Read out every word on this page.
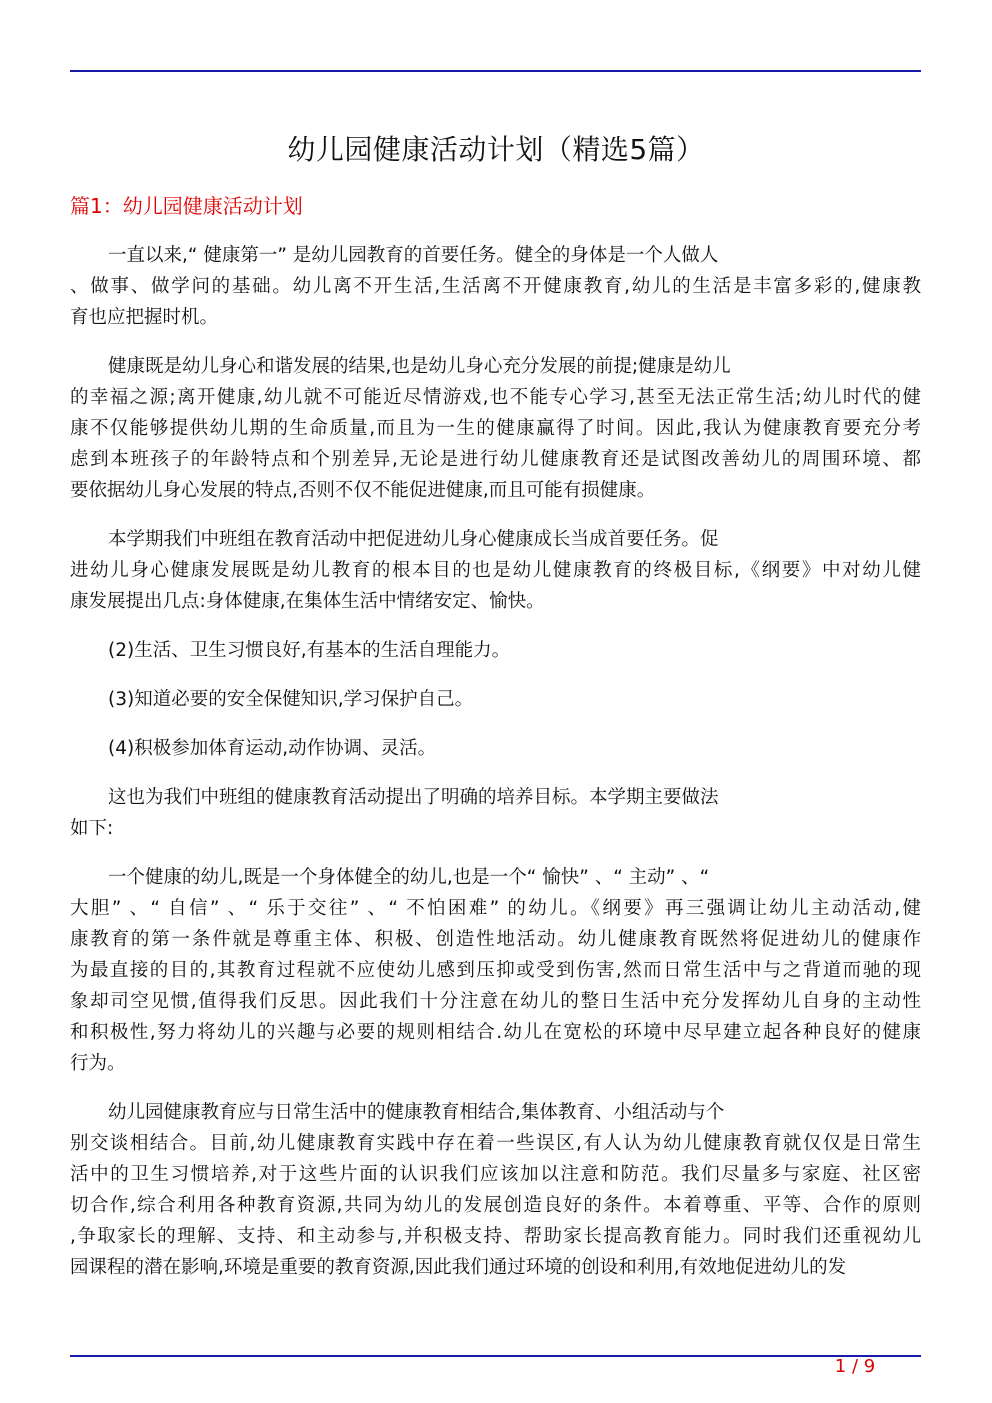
幼儿园健康活动计划（精选5篇）
篇1：幼儿园健康活动计划
一直以来,“ 健康第一” 是幼儿园教育的首要任务。健全的身体是一个人做人
、做事、做学问的基础。幼儿离不开生活,生活离不开健康教育,幼儿的生活是丰富多彩的,健康教
育也应把握时机。
健康既是幼儿身心和谐发展的结果,也是幼儿身心充分发展的前提;健康是幼儿
的幸福之源;离开健康,幼儿就不可能近尽情游戏,也不能专心学习,甚至无法正常生活;幼儿时代的健
康不仅能够提供幼儿期的生命质量,而且为一生的健康赢得了时间。因此,我认为健康教育要充分考
虑到本班孩子的年龄特点和个别差异,无论是进行幼儿健康教育还是试图改善幼儿的周围环境、都
要依据幼儿身心发展的特点,否则不仅不能促进健康,而且可能有损健康。
本学期我们中班组在教育活动中把促进幼儿身心健康成长当成首要任务。促
进幼儿身心健康发展既是幼儿教育的根本目的也是幼儿健康教育的终极目标,《纲要》中对幼儿健
康发展提出几点:身体健康,在集体生活中情绪安定、愉快。
(2)生活、卫生习惯良好,有基本的生活自理能力。
(3)知道必要的安全保健知识,学习保护自己。
(4)积极参加体育运动,动作协调、灵活。
这也为我们中班组的健康教育活动提出了明确的培养目标。本学期主要做法
如下:
一个健康的幼儿,既是一个身体健全的幼儿,也是一个“ 愉快” 、“ 主动” 、“
大胆” 、“ 自信” 、“ 乐于交往” 、“ 不怕困难” 的幼儿。《纲要》再三强调让幼儿主动活动,健
康教育的第一条件就是尊重主体、积极、创造性地活动。幼儿健康教育既然将促进幼儿的健康作
为最直接的目的,其教育过程就不应使幼儿感到压抑或受到伤害,然而日常生活中与之背道而驰的现
象却司空见惯,值得我们反思。因此我们十分注意在幼儿的整日生活中充分发挥幼儿自身的主动性
和积极性,努力将幼儿的兴趣与必要的规则相结合.幼儿在宽松的环境中尽早建立起各种良好的健康
行为。
幼儿园健康教育应与日常生活中的健康教育相结合,集体教育、小组活动与个
别交谈相结合。目前,幼儿健康教育实践中存在着一些误区,有人认为幼儿健康教育就仅仅是日常生
活中的卫生习惯培养,对于这些片面的认识我们应该加以注意和防范。我们尽量多与家庭、社区密
切合作,综合利用各种教育资源,共同为幼儿的发展创造良好的条件。本着尊重、平等、合作的原则
,争取家长的理解、支持、和主动参与,并积极支持、帮助家长提高教育能力。同时我们还重视幼儿
园课程的潜在影响,环境是重要的教育资源,因此我们通过环境的创设和利用,有效地促进幼儿的发
1 / 9
